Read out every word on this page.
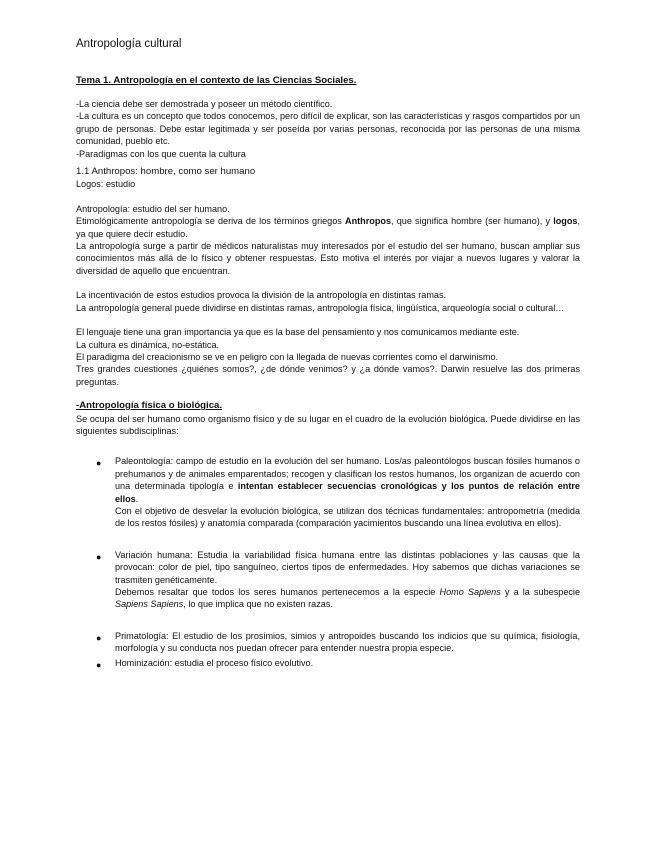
Antropología cultural
Tema 1. Antropología en el contexto de las Ciencias Sociales.

-La ciencia debe ser demostrada y poseer un método científico.

-La cultura es un concepto que todos conocemos, pero difícil de explicar, son las características y rasgos compartidos por un grupo de personas. Debe estar legitimada y ser poseída por varias personas, reconocida por las personas de una misma comunidad, pueblo etc.

-Paradigmas con los que cuenta la cultura

1.1 Anthropos: hombre, como ser humano

Logos: estudio

Antropología: estudio del ser humano.

Etimológicamente antropología se deriva de los términos griegos Anthropos, que significa hombre (ser humano), y logos, ya que quiere decir estudio.

La antropología surge a partir de médicos naturalistas muy interesados por el estudio del ser humano, buscan ampliar sus conocimientos más allá de lo físico y obtener respuestas. Esto motiva el interés por viajar a nuevos lugares y valorar la diversidad de aquello que encuentran.

La incentivación de estos estudios provoca la división de la antropología en distintas ramas.

La antropología general puede dividirse en distintas ramas, antropología física, lingüística, arqueología social o cultural…

El lenguaje tiene una gran importancia ya que es la base del pensamiento y nos comunicamos mediante este.

La cultura es dinámica, no-estática.

El paradigma del creacionismo se ve en peligro con la llegada de nuevas corrientes como el darwinismo.

Tres grandes cuestiones ¿quiénes somos?, ¿de dónde venimos? y ¿a dónde vamos?. Darwin resuelve las dos primeras preguntas.

-Antropología física o biológica.

Se ocupa del ser humano como organismo físico y de su lugar en el cuadro de la evolución biológica. Puede dividirse en las siguientes subdisciplinas:

● Paleontología: campo de estudio en la evolución del ser humano. Los/as paleontólogos buscan fósiles humanos o prehumanos y de animales emparentados; recogen y clasifican los restos humanos, los organizan de acuerdo con una determinada tipología e intentan establecer secuencias cronológicas y los puntos de relación entre ellos.

Con el objetivo de desvelar la evolución biológica, se utilizan dos técnicas fundamentales: antropometría (medida de los restos fósiles) y anatomía comparada (comparación yacimientos buscando una línea evolutiva en ellos).

● Variación humana: Estudia la variabilidad física humana entre las distintas poblaciones y las causas que la provocan: color de piel, tipo sanguíneo, ciertos tipos de enfermedades. Hoy sabemos que dichas variaciones se trasmiten genéticamente.

Debemos resaltar que todos los seres humanos pertenecemos a la especie Homo Sapiens y a la subespecie Sapiens Sapiens, lo que implica que no existen razas.

● Primatología: El estudio de los prosimios, simios y antropoides buscando los indicios que su química, fisiología, morfología y su conducta nos puedan ofrecer para entender nuestra propia especie.

● Hominización: estudia el proceso físico evolutivo.
